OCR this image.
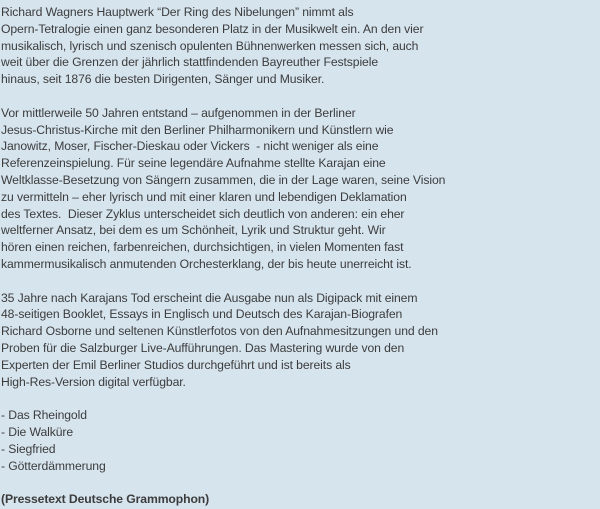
Richard Wagners Hauptwerk “Der Ring des Nibelungen” nimmt als
Opern-Tetralogie einen ganz besonderen Platz in der Musikwelt ein. An den vier
musikalisch, lyrisch und szenisch opulenten Bühnenwerken messen sich, auch
weit über die Grenzen der jährlich stattfindenden Bayreuther Festspiele
hinaus, seit 1876 die besten Dirigenten, Sänger und Musiker.
Vor mittlerweile 50 Jahren entstand – aufgenommen in der Berliner
Jesus-Christus-Kirche mit den Berliner Philharmonikern und Künstlern wie
Janowitz, Moser, Fischer-Dieskau oder Vickers  - nicht weniger als eine
Referenzeinspielung. Für seine legendäre Aufnahme stellte Karajan eine
Weltklasse-Besetzung von Sängern zusammen, die in der Lage waren, seine Vision
zu vermitteln – eher lyrisch und mit einer klaren und lebendigen Deklamation
des Textes.  Dieser Zyklus unterscheidet sich deutlich von anderen: ein eher
weltferner Ansatz, bei dem es um Schönheit, Lyrik und Struktur geht. Wir
hören einen reichen, farbenreichen, durchsichtigen, in vielen Momenten fast
kammermusikalisch anmutenden Orchesterklang, der bis heute unerreicht ist.
35 Jahre nach Karajans Tod erscheint die Ausgabe nun als Digipack mit einem
48-seitigen Booklet, Essays in Englisch und Deutsch des Karajan-Biografen
Richard Osborne und seltenen Künstlerfotos von den Aufnahmesitzungen und den
Proben für die Salzburger Live-Aufführungen. Das Mastering wurde von den
Experten der Emil Berliner Studios durchgeführt und ist bereits als
High-Res-Version digital verfügbar.
- Das Rheingold
- Die Walküre
- Siegfried
- Götterdämmerung
(Pressetext Deutsche Grammophon)
